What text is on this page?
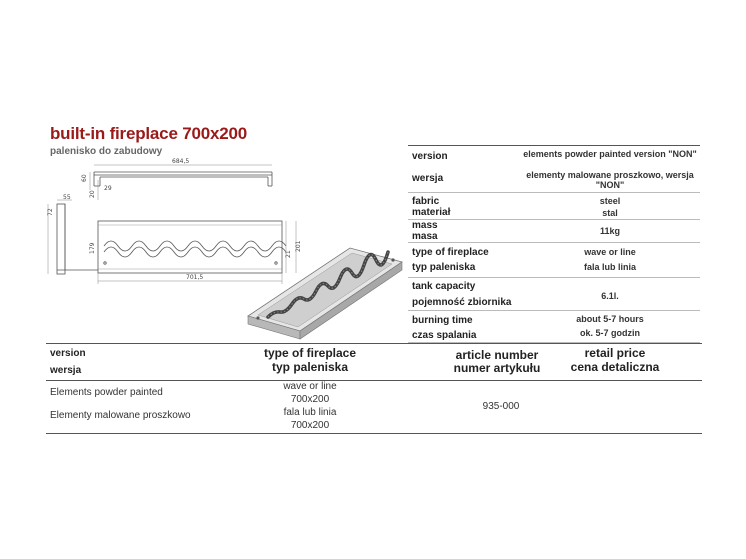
built-in fireplace 700x200
palenisko do zabudowy
684,5
60
29
20
55
72
179
21
201
701,5
version
wersja
elements powder painted version "NON"
elementy malowane proszkowo, wersja "NON"
fabric
materiał
steel
stal
mass
masa	11kg
type of fireplace
typ paleniska
wave or line
fala lub linia
tank capacity
pojemność zbiornika
6.1l.
burning time
czas spalania
about 5-7 hours
ok. 5-7 godzin
version
wersja
type of fireplace
typ paleniska
article number
numer artykułu
retail price
cena detaliczna
Elements powder painted
Elementy malowane proszkowo
wave or line
700x200
fala lub linia
700x200
935-000
